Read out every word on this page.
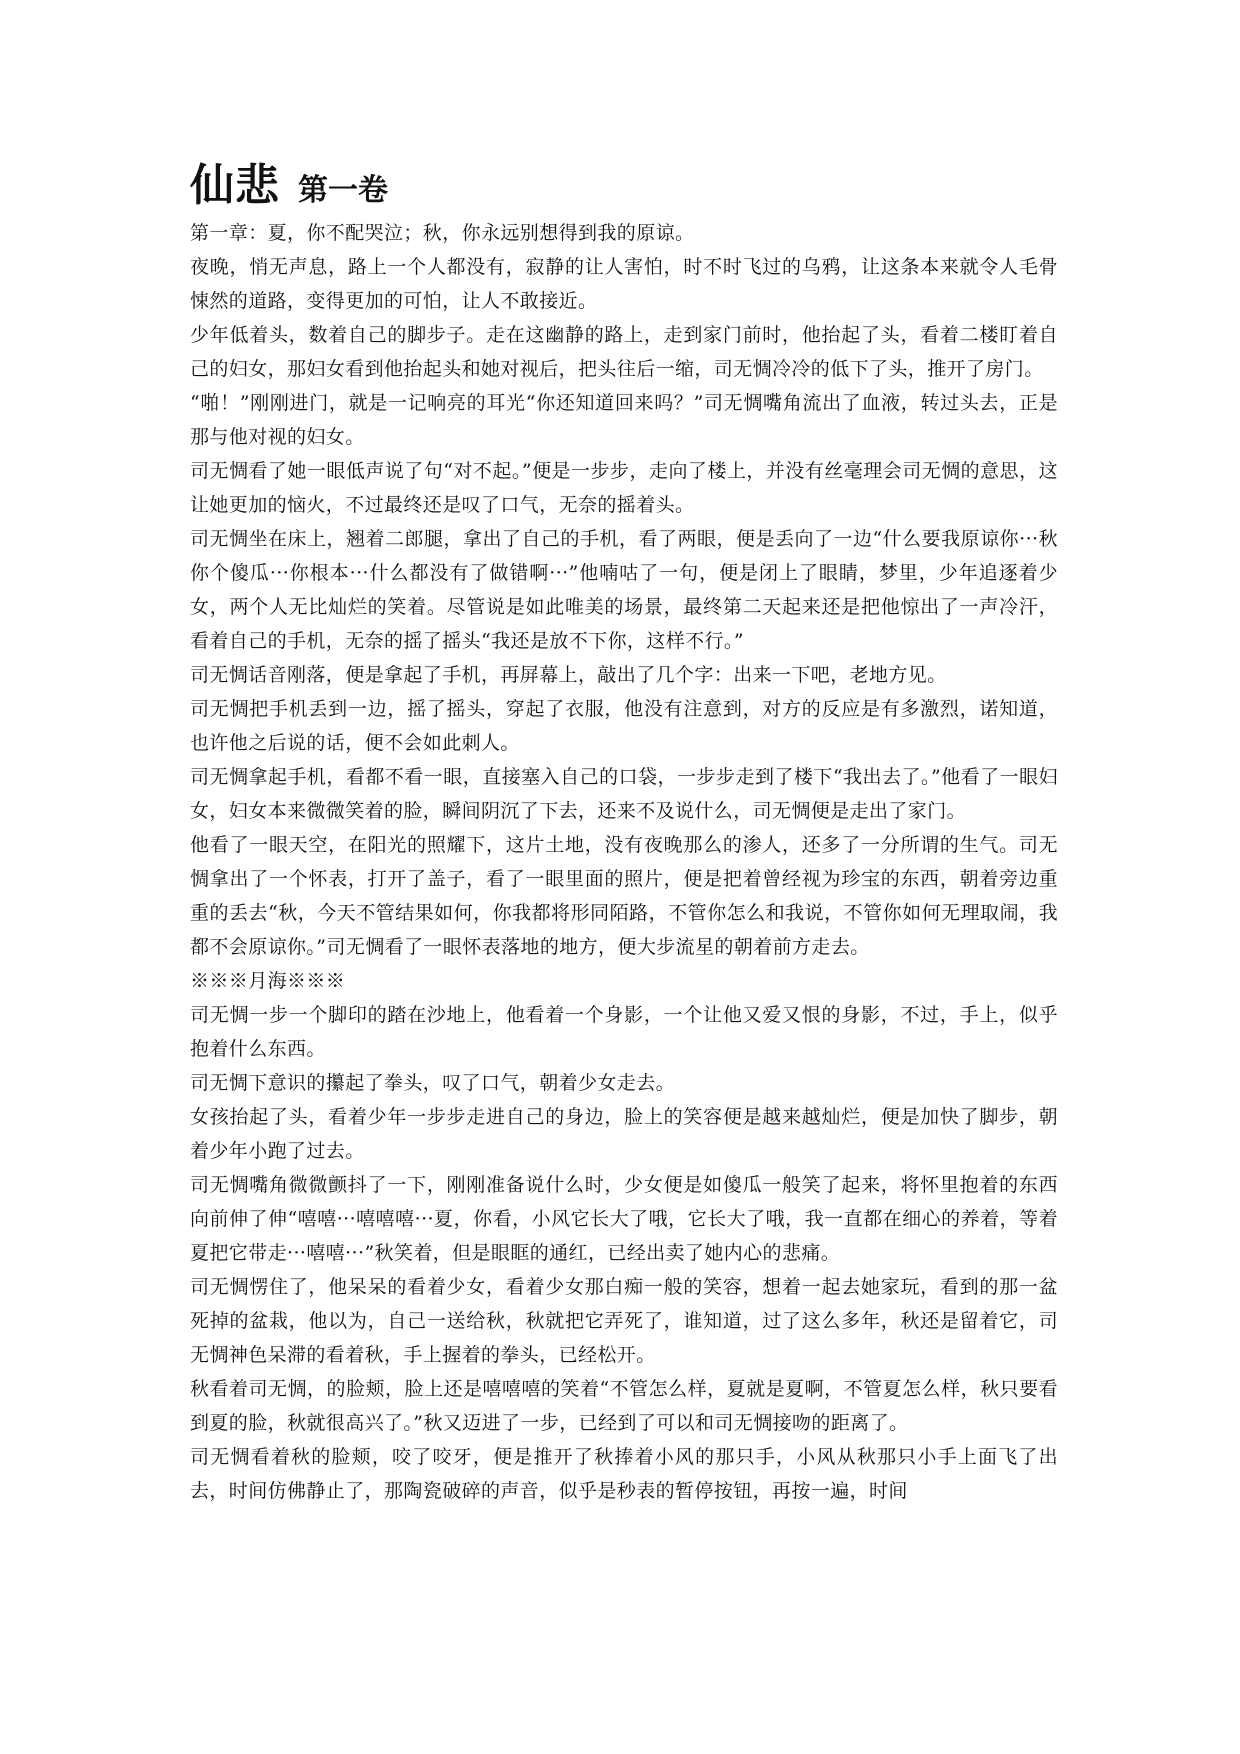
仙悲 第一卷

第一章：夏，你不配哭泣；秋，你永远别想得到我的原谅。

夜晚，悄无声息，路上一个人都没有，寂静的让人害怕，时不时飞过的乌鸦，让这条本来就令人毛骨悚然的道路，变得更加的可怕，让人不敢接近。

少年低着头，数着自己的脚步子。走在这幽静的路上，走到家门前时，他抬起了头，看着二楼盯着自己的妇女，那妇女看到他抬起头和她对视后，把头往后一缩，司无惆冷冷的低下了头，推开了房门。

“啪！”刚刚进门，就是一记响亮的耳光“你还知道回来吗？”司无惆嘴角流出了血液，转过头去，正是那与他对视的妇女。

司无惆看了她一眼低声说了句“对不起。”便是一步步，走向了楼上，并没有丝毫理会司无惆的意思，这让她更加的恼火，不过最终还是叹了口气，无奈的摇着头。

司无惆坐在床上，翘着二郎腿，拿出了自己的手机，看了两眼，便是丢向了一边“什么要我原谅你···秋你个傻瓜···你根本···什么都没有了做错啊···”他喃咕了一句，便是闭上了眼睛，梦里，少年追逐着少女，两个人无比灿烂的笑着。尽管说是如此唯美的场景，最终第二天起来还是把他惊出了一声冷汗，看着自己的手机，无奈的摇了摇头“我还是放不下你，这样不行。”

司无惆话音刚落，便是拿起了手机，再屏幕上，敲出了几个字：出来一下吧，老地方见。

司无惆把手机丢到一边，摇了摇头，穿起了衣服，他没有注意到，对方的反应是有多激烈，诺知道，也许他之后说的话，便不会如此刺人。

司无惆拿起手机，看都不看一眼，直接塞入自己的口袋，一步步走到了楼下“我出去了。”他看了一眼妇女，妇女本来微微笑着的脸，瞬间阴沉了下去，还来不及说什么，司无惆便是走出了家门。

他看了一眼天空，在阳光的照耀下，这片土地，没有夜晚那么的渗人，还多了一分所谓的生气。司无惆拿出了一个怀表，打开了盖子，看了一眼里面的照片，便是把着曾经视为珍宝的东西，朝着旁边重重的丢去“秋，今天不管结果如何，你我都将形同陌路，不管你怎么和我说，不管你如何无理取闹，我都不会原谅你。”司无惆看了一眼怀表落地的地方，便大步流星的朝着前方走去。

※※※月海※※※

司无惆一步一个脚印的踏在沙地上，他看着一个身影，一个让他又爱又恨的身影，不过，手上，似乎抱着什么东西。

司无惆下意识的攥起了拳头，叹了口气，朝着少女走去。

女孩抬起了头，看着少年一步步走进自己的身边，脸上的笑容便是越来越灿烂，便是加快了脚步，朝着少年小跑了过去。

司无惆嘴角微微颤抖了一下，刚刚准备说什么时，少女便是如傻瓜一般笑了起来，将怀里抱着的东西向前伸了伸“嘻嘻···嘻嘻嘻···夏，你看，小风它长大了哦，它长大了哦，我一直都在细心的养着，等着夏把它带走···嘻嘻···”秋笑着，但是眼眶的通红，已经出卖了她内心的悲痛。

司无惆愣住了，他呆呆的看着少女，看着少女那白痴一般的笑容，想着一起去她家玩，看到的那一盆死掉的盆栽，他以为，自己一送给秋，秋就把它弄死了，谁知道，过了这么多年，秋还是留着它，司无惆神色呆滞的看着秋，手上握着的拳头，已经松开。

秋看着司无惆，的脸颊，脸上还是嘻嘻嘻的笑着“不管怎么样，夏就是夏啊，不管夏怎么样，秋只要看到夏的脸，秋就很高兴了。”秋又迈进了一步，已经到了可以和司无惆接吻的距离了。

司无惆看着秋的脸颊，咬了咬牙，便是推开了秋捧着小风的那只手，小风从秋那只小手上面飞了出去，时间仿佛静止了，那陶瓷破碎的声音，似乎是秒表的暂停按钮，再按一遍，时间
